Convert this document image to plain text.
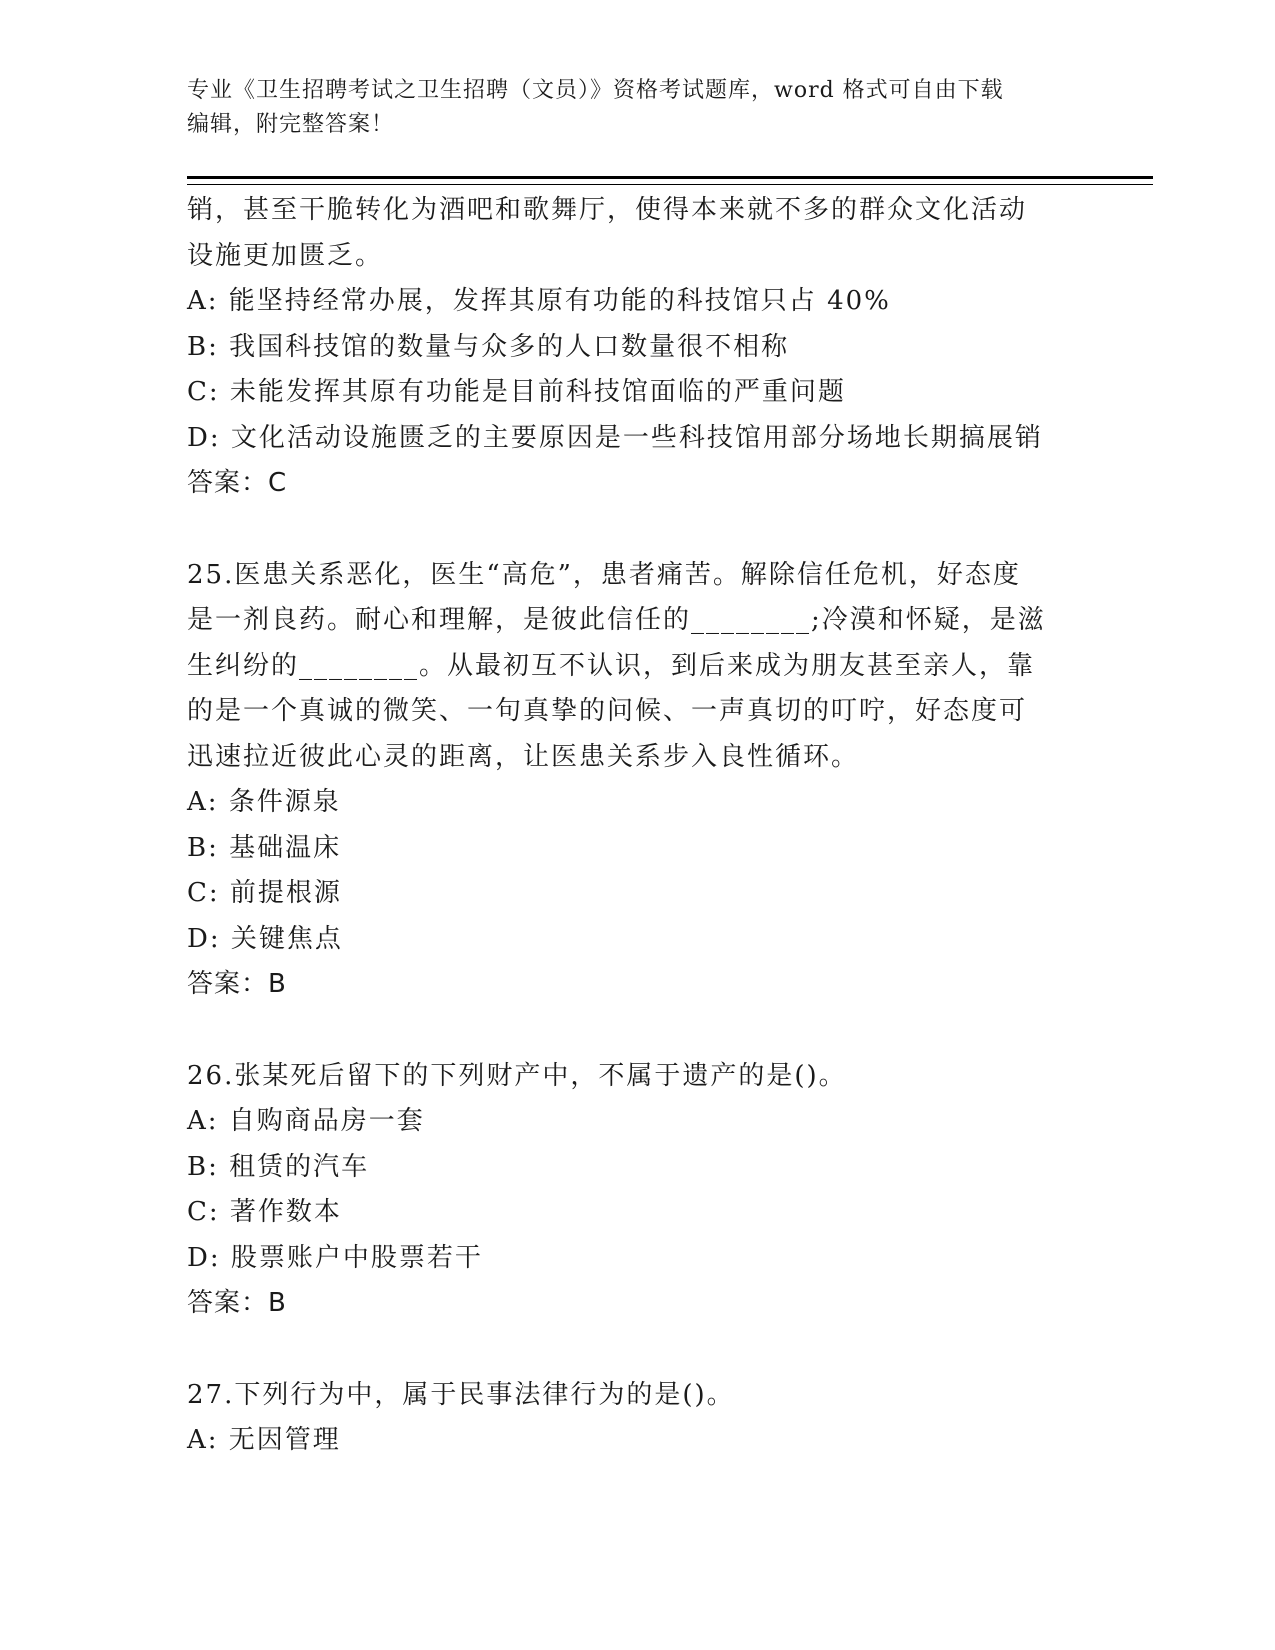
专业《卫生招聘考试之卫生招聘（文员）》资格考试题库，word 格式可自由下载
编辑，附完整答案！
销，甚至干脆转化为酒吧和歌舞厅，使得本来就不多的群众文化活动
设施更加匮乏。
A: 能坚持经常办展，发挥其原有功能的科技馆只占 40%
B: 我国科技馆的数量与众多的人口数量很不相称
C: 未能发挥其原有功能是目前科技馆面临的严重问题
D: 文化活动设施匮乏的主要原因是一些科技馆用部分场地长期搞展销
答案：C
25.医患关系恶化，医生“高危”，患者痛苦。解除信任危机，好态度
是一剂良药。耐心和理解，是彼此信任的________;冷漠和怀疑，是滋
生纠纷的________。从最初互不认识，到后来成为朋友甚至亲人，靠
的是一个真诚的微笑、一句真挚的问候、一声真切的叮咛，好态度可
迅速拉近彼此心灵的距离，让医患关系步入良性循环。
A: 条件源泉
B: 基础温床
C: 前提根源
D: 关键焦点
答案：B
26.张某死后留下的下列财产中，不属于遗产的是()。
A: 自购商品房一套
B: 租赁的汽车
C: 著作数本
D: 股票账户中股票若干
答案：B
27.下列行为中，属于民事法律行为的是()。
A: 无因管理
